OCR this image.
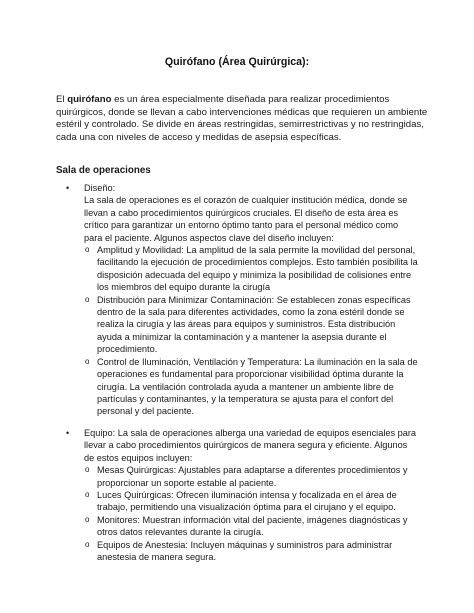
Quirófano (Área Quirúrgica):
El quirófano es un área especialmente diseñada para realizar procedimientos quirúrgicos, donde se llevan a cabo intervenciones médicas que requieren un ambiente estéril y controlado. Se divide en áreas restringidas, semirrestrictivas y no restringidas, cada una con niveles de acceso y medidas de asepsia específicas.
Sala de operaciones
• Diseño:
La sala de operaciones es el corazón de cualquier institución médica, donde se llevan a cabo procedimientos quirúrgicos cruciales. El diseño de esta área es crítico para garantizar un entorno óptimo tanto para el personal médico como para el paciente. Algunos aspectos clave del diseño incluyen:
o Amplitud y Movilidad: La amplitud de la sala permite la movilidad del personal, facilitando la ejecución de procedimientos complejos. Esto también posibilita la disposición adecuada del equipo y minimiza la posibilidad de colisiones entre los miembros del equipo durante la cirugía
o Distribución para Minimizar Contaminación: Se establecen zonas específicas dentro de la sala para diferentes actividades, como la zona estéril donde se realiza la cirugía y las áreas para equipos y suministros. Esta distribución ayuda a minimizar la contaminación y a mantener la asepsia durante el procedimiento.
o Control de Iluminación, Ventilación y Temperatura: La iluminación en la sala de operaciones es fundamental para proporcionar visibilidad óptima durante la cirugía. La ventilación controlada ayuda a mantener un ambiente libre de partículas y contaminantes, y la temperatura se ajusta para el confort del personal y del paciente.
• Equipo: La sala de operaciones alberga una variedad de equipos esenciales para llevar a cabo procedimientos quirúrgicos de manera segura y eficiente. Algunos de estos equipos incluyen:
o Mesas Quirúrgicas: Ajustables para adaptarse a diferentes procedimientos y proporcionar un soporte estable al paciente.
o Luces Quirúrgicas: Ofrecen iluminación intensa y focalizada en el área de trabajo, permitiendo una visualización óptima para el cirujano y el equipo.
o Monitores: Muestran información vital del paciente, imágenes diagnósticas y otros datos relevantes durante la cirugía.
o Equipos de Anestesia: Incluyen máquinas y suministros para administrar anestesia de manera segura.
